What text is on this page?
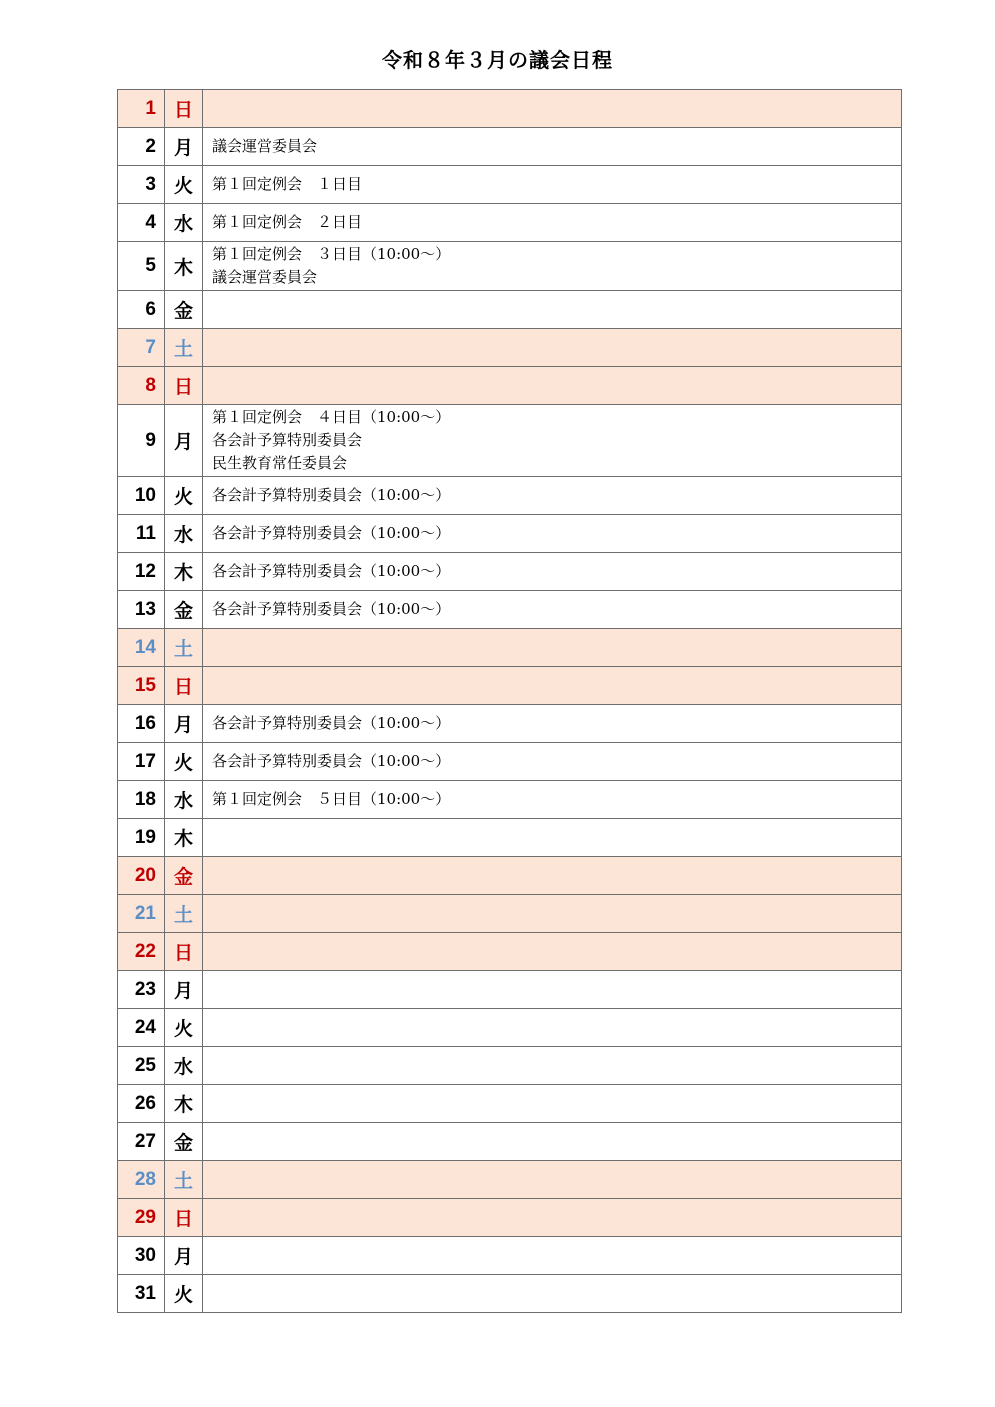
令和８年３月の議会日程
1	日	
2	月	議会運営委員会

3	火	第１回定例会　１日目

4	水	第１回定例会　２日目

5	木	第１回定例会　３日目（10:00～）
議会運営委員会

6	金	
7	土	
8	日	
9	月	第１回定例会　４日目（10:00～）
各会計予算特別委員会
民生教育常任委員会

10	火	各会計予算特別委員会（10:00～）

11	水	各会計予算特別委員会（10:00～）

12	木	各会計予算特別委員会（10:00～）

13	金	各会計予算特別委員会（10:00～）

14	土	
15	日	
16	月	各会計予算特別委員会（10:00～）

17	火	各会計予算特別委員会（10:00～）

18	水	第１回定例会　５日目（10:00～）

19	木	
20	金	
21	土	
22	日	
23	月	
24	火	
25	水	
26	木	
27	金	
28	土	
29	日	
30	月	
31	火	
